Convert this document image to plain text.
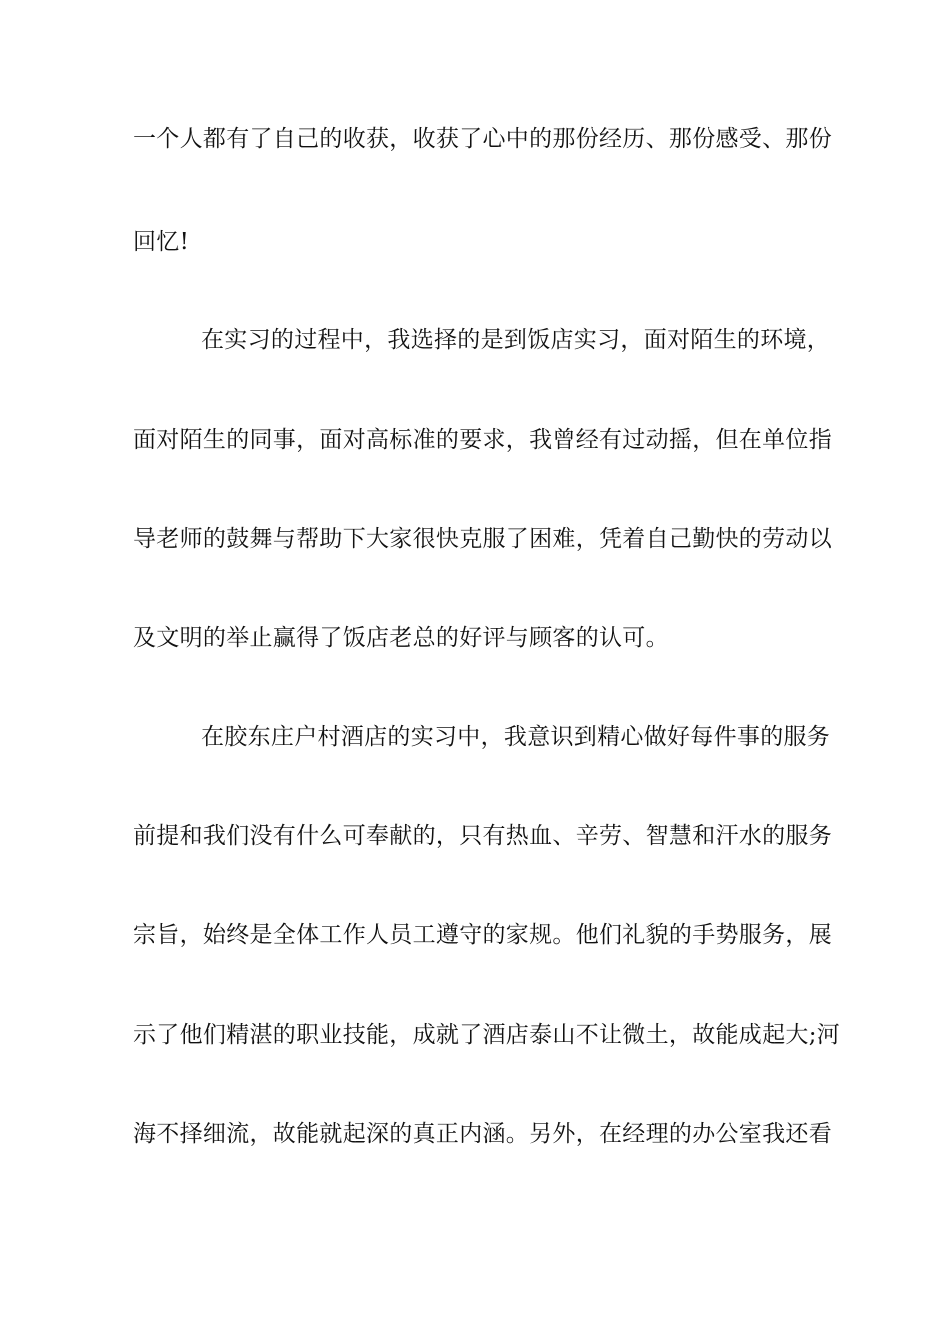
一个人都有了自己的收获，收获了心中的那份经历、那份感受、那份
回忆!
在实习的过程中，我选择的是到饭店实习，面对陌生的环境，
面对陌生的同事，面对高标准的要求，我曾经有过动摇，但在单位指
导老师的鼓舞与帮助下大家很快克服了困难，凭着自己勤快的劳动以
及文明的举止赢得了饭店老总的好评与顾客的认可。
在胶东庄户村酒店的实习中，我意识到精心做好每件事的服务
前提和我们没有什么可奉献的，只有热血、辛劳、智慧和汗水的服务
宗旨，始终是全体工作人员工遵守的家规。他们礼貌的手势服务，展
示了他们精湛的职业技能，成就了酒店泰山不让微土，故能成起大;河
海不择细流，故能就起深的真正内涵。另外，在经理的办公室我还看
